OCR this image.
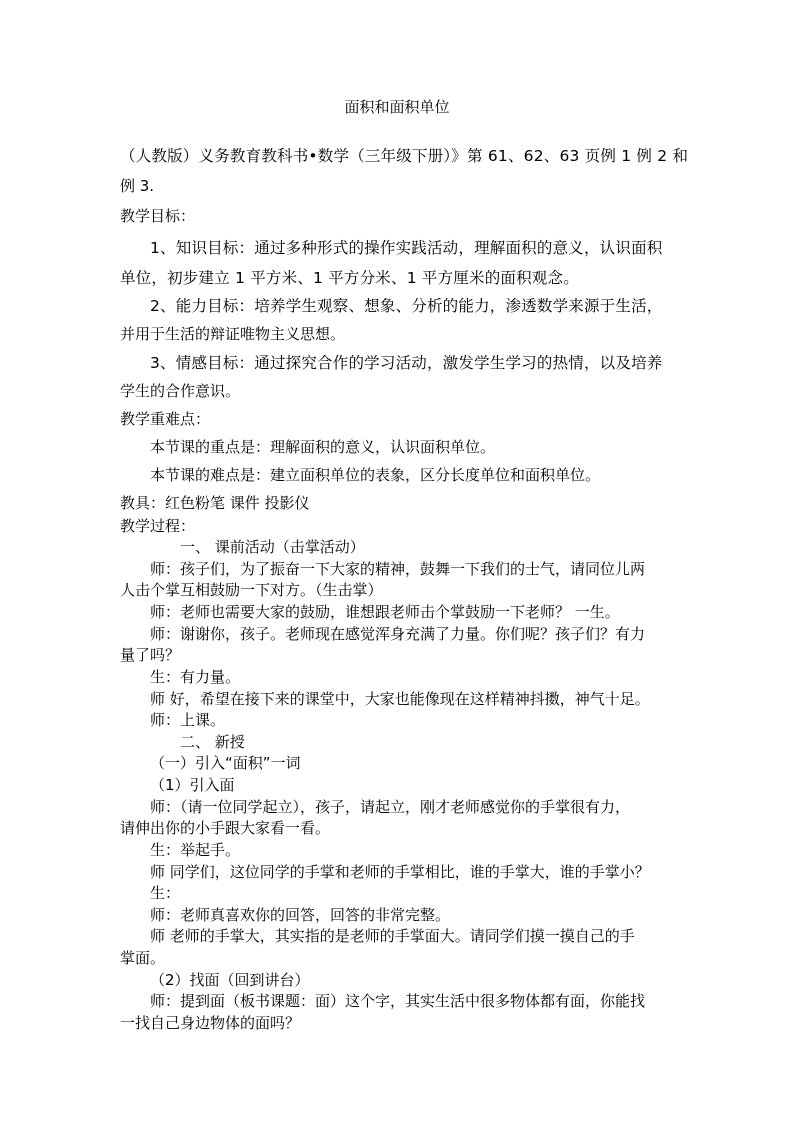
面积和面积单位
（人教版）义务教育教科书•数学（三年级下册）》第 61、62、63 页例 1 例 2 和
例 3.
教学目标：
1、知识目标：通过多种形式的操作实践活动，理解面积的意义，认识面积
单位，初步建立 1 平方米、1 平方分米、1 平方厘米的面积观念。
2、能力目标：培养学生观察、想象、分析的能力，渗透数学来源于生活，
并用于生活的辩证唯物主义思想。
3、情感目标：通过探究合作的学习活动，激发学生学习的热情，以及培养
学生的合作意识。
教学重难点：
本节课的重点是：理解面积的意义，认识面积单位。
本节课的难点是：建立面积单位的表象，区分长度单位和面积单位。
教具：红色粉笔 课件 投影仪
教学过程：
一、 课前活动（击掌活动）
师：孩子们，为了振奋一下大家的精神，鼓舞一下我们的士气，请同位儿两
人击个掌互相鼓励一下对方。（生击掌）
师：老师也需要大家的鼓励，谁想跟老师击个掌鼓励一下老师？ 一生。
师：谢谢你，孩子。老师现在感觉浑身充满了力量。你们呢？孩子们？有力
量了吗？
生：有力量。
师 好，希望在接下来的课堂中，大家也能像现在这样精神抖擞，神气十足。
师：上课。
二、 新授
（一）引入“面积”一词
（1）引入面
师：（请一位同学起立），孩子，请起立，刚才老师感觉你的手掌很有力，
请伸出你的小手跟大家看一看。
生：举起手。
师 同学们，这位同学的手掌和老师的手掌相比，谁的手掌大，谁的手掌小？
生：
师：老师真喜欢你的回答，回答的非常完整。
师 老师的手掌大，其实指的是老师的手掌面大。请同学们摸一摸自己的手
掌面。
（2）找面（回到讲台）
师：提到面（板书课题：面）这个字，其实生活中很多物体都有面，你能找
一找自己身边物体的面吗？
